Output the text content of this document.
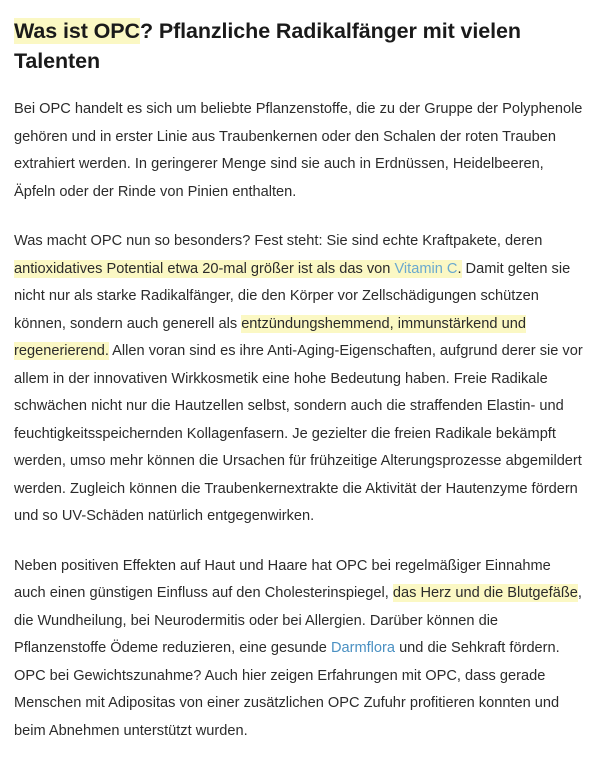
Was ist OPC? Pflanzliche Radikalfänger mit vielen Talenten

Bei OPC handelt es sich um beliebte Pflanzenstoffe, die zu der Gruppe der Polyphenole gehören und in erster Linie aus Traubenkernen oder den Schalen der roten Trauben extrahiert werden. In geringerer Menge sind sie auch in Erdnüssen, Heidelbeeren, Äpfeln oder der Rinde von Pinien enthalten.

Was macht OPC nun so besonders? Fest steht: Sie sind echte Kraftpakete, deren antioxidatives Potential etwa 20-mal größer ist als das von Vitamin C. Damit gelten sie nicht nur als starke Radikalfänger, die den Körper vor Zellschädigungen schützen können, sondern auch generell als entzündungshemmend, immunstärkend und regenerierend. Allen voran sind es ihre Anti-Aging-Eigenschaften, aufgrund derer sie vor allem in der innovativen Wirkkosmetik eine hohe Bedeutung haben. Freie Radikale schwächen nicht nur die Hautzellen selbst, sondern auch die straffenden Elastin- und feuchtigkeitsspeichernden Kollagenfasern. Je gezielter die freien Radikale bekämpft werden, umso mehr können die Ursachen für frühzeitige Alterungsprozesse abgemildert werden. Zugleich können die Traubenkernextrakte die Aktivität der Hautenzyme fördern und so UV-Schäden natürlich entgegenwirken.

Neben positiven Effekten auf Haut und Haare hat OPC bei regelmäßiger Einnahme auch einen günstigen Einfluss auf den Cholesterinspiegel, das Herz und die Blutgefäße, die Wundheilung, bei Neurodermitis oder bei Allergien. Darüber können die Pflanzenstoffe Ödeme reduzieren, eine gesunde Darmflora und die Sehkraft fördern. OPC bei Gewichtszunahme? Auch hier zeigen Erfahrungen mit OPC, dass gerade Menschen mit Adipositas von einer zusätzlichen OPC Zufuhr profitieren konnten und beim Abnehmen unterstützt wurden.
